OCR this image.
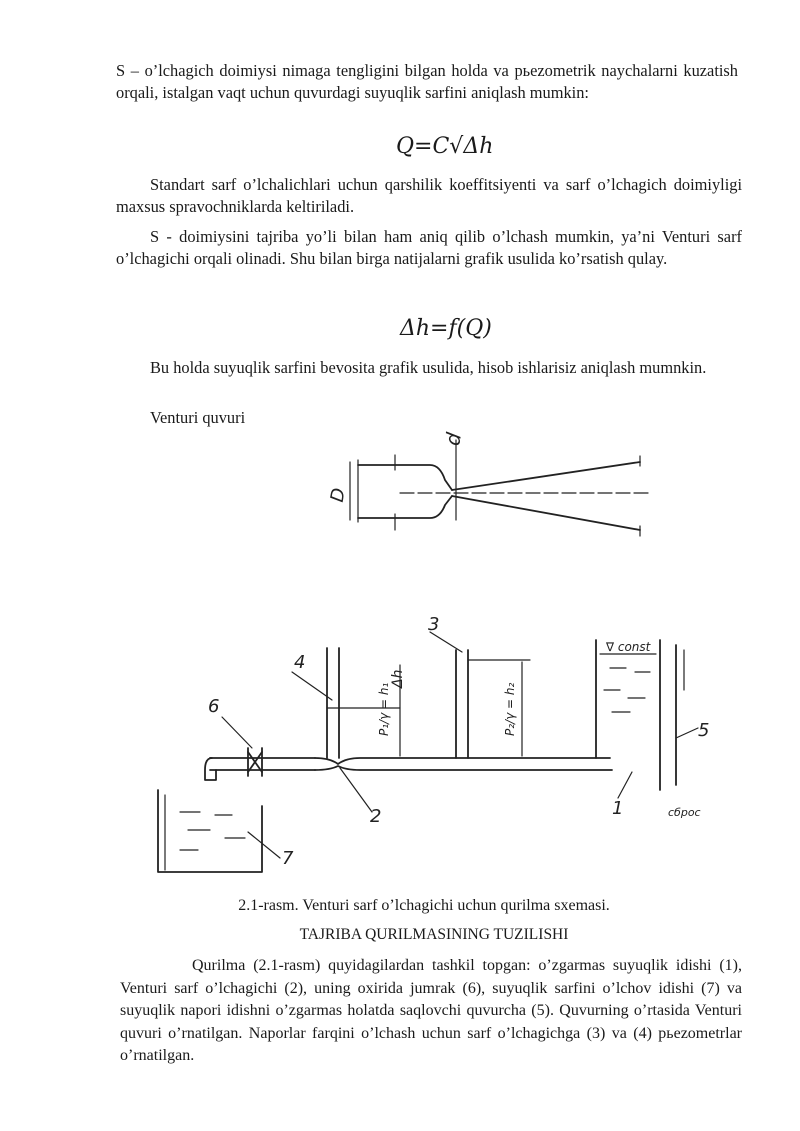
S – o’lchagich doimiysi nimaga tengligini bilgan holda va pьezometrik naychalarni kuzatish orqali, istalgan vaqt uchun quvurdagi suyuqlik sarfini aniqlash mumkin:
Q=C√Δh
Standart sarf o’lchalichlari uchun qarshilik koeffitsiyenti va sarf o’lchagich doimiyligi maxsus spravochniklarda keltiriladi.
S - doimiysini tajriba yo’li bilan ham aniq qilib o’lchash mumkin, ya’ni Venturi sarf o’lchagichi orqali olinadi. Shu bilan birga natijalarni grafik usulida ko’rsatish qulay.
Δh=f(Q)
Bu holda suyuqlik sarfini bevosita grafik usulida, hisob ishlarisiz aniqlash mumnkin.
Venturi quvuri
D
d
4
3
6
2	1
7
5
Δh
P₁/γ = h₁	P₂/γ = h₂
∇ const
сброс
2.1-rasm. Venturi sarf o’lchagichi uchun qurilma sxemasi.
TAJRIBA QURILMASINING TUZILISHI
Qurilma (2.1-rasm) quyidagilardan tashkil topgan: o’zgarmas suyuqlik idishi (1), Venturi sarf o’lchagichi (2), uning oxirida jumrak (6), suyuqlik sarfini o’lchov idishi (7) va suyuqlik napori idishni o’zgarmas holatda saqlovchi quvurcha (5). Quvurning o’rtasida Venturi quvuri o’rnatilgan. Naporlar farqini o’lchash uchun sarf o’lchagichga (3) va (4) pьezometrlar o’rnatilgan.
